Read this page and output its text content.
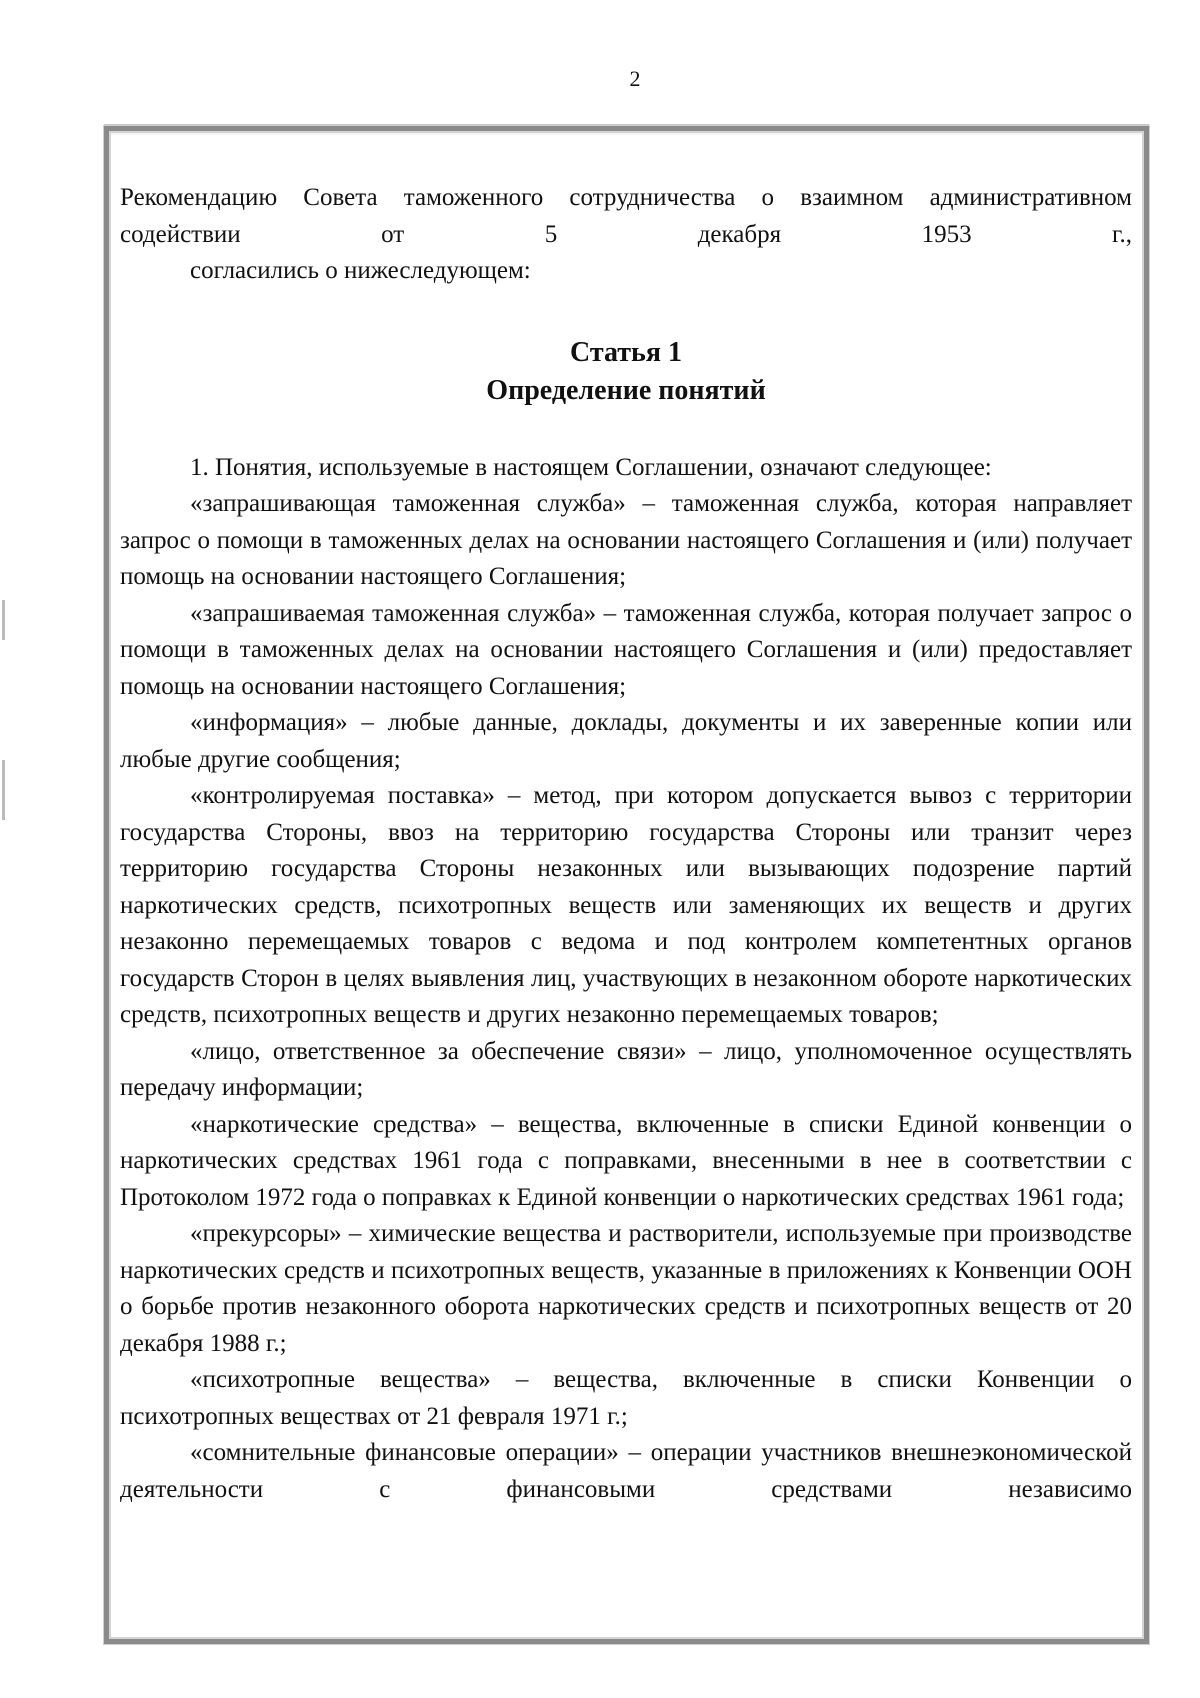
2

Рекомендацию Совета таможенного сотрудничества о взаимном административном содействии от 5 декабря 1953 г.,

согласились о нижеследующем:

Статья 1
Определение понятий

1. Понятия, используемые в настоящем Соглашении, означают следующее:

«запрашивающая таможенная служба» – таможенная служба, которая направляет запрос о помощи в таможенных делах на основании настоящего Соглашения и (или) получает помощь на основании настоящего Соглашения;

«запрашиваемая таможенная служба» – таможенная служба, которая получает запрос о помощи в таможенных делах на основании настоящего Соглашения и (или) предоставляет помощь на основании настоящего Соглашения;

«информация» – любые данные, доклады, документы и их заверенные копии или любые другие сообщения;

«контролируемая поставка» – метод, при котором допускается вывоз с территории государства Стороны, ввоз на территорию государства Стороны или транзит через территорию государства Стороны незаконных или вызывающих подозрение партий наркотических средств, психотропных веществ или заменяющих их веществ и других незаконно перемещаемых товаров с ведома и под контролем компетентных органов государств Сторон в целях выявления лиц, участвующих в незаконном обороте наркотических средств, психотропных веществ и других незаконно перемещаемых товаров;

«лицо, ответственное за обеспечение связи» – лицо, уполномоченное осуществлять передачу информации;

«наркотические средства» – вещества, включенные в списки Единой конвенции о наркотических средствах 1961 года с поправками, внесенными в нее в соответствии с Протоколом 1972 года о поправках к Единой конвенции о наркотических средствах 1961 года;

«прекурсоры» – химические вещества и растворители, используемые при производстве наркотических средств и психотропных веществ, указанные в приложениях к Конвенции ООН о борьбе против незаконного оборота наркотических средств и психотропных веществ от 20 декабря 1988 г.;

«психотропные вещества» – вещества, включенные в списки Конвенции о психотропных веществах от 21 февраля 1971 г.;

«сомнительные финансовые операции» – операции участников внешнеэкономической деятельности с финансовыми средствами независимо
